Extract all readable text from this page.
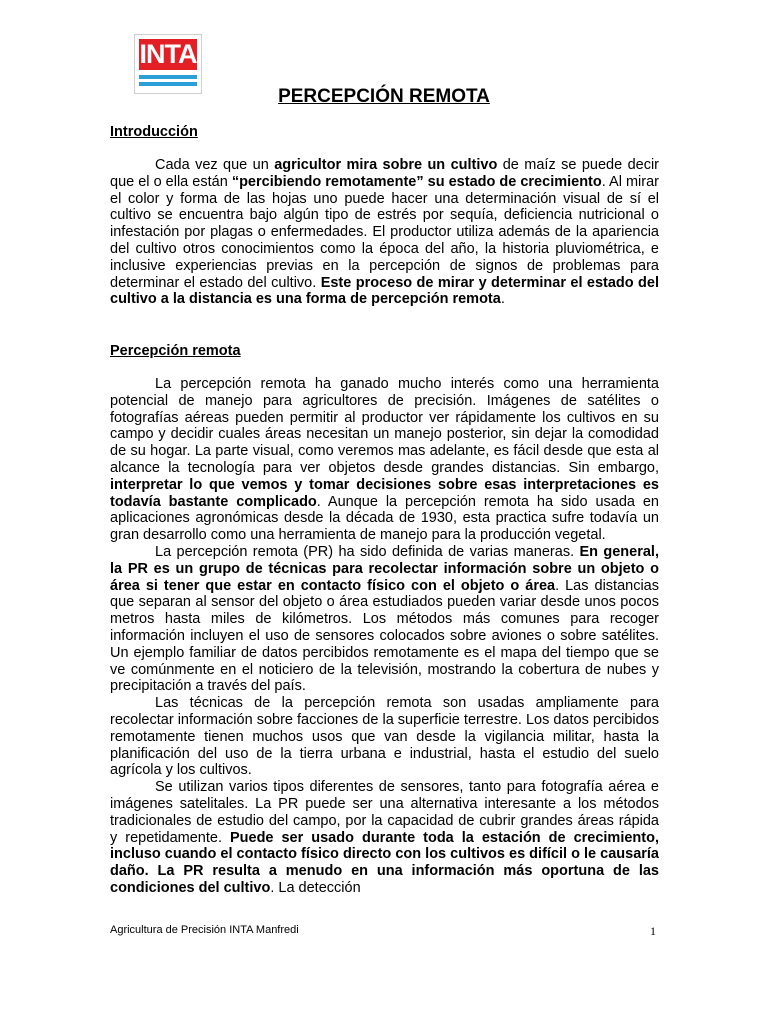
INTA
PERCEPCIÓN REMOTA
Introducción

Cada vez que un agricultor mira sobre un cultivo de maíz se puede decir que el o ella están “percibiendo remotamente” su estado de crecimiento. Al mirar el color y forma de las hojas uno puede hacer una determinación visual de sí el cultivo se encuentra bajo algún tipo de estrés por sequía, deficiencia nutricional o infestación por plagas o enfermedades. El productor utiliza además de la apariencia del cultivo otros conocimientos como la época del año, la historia pluviométrica, e inclusive experiencias previas en la percepción de signos de problemas para determinar el estado del cultivo. Este proceso de mirar y determinar el estado del cultivo a la distancia es una forma de percepción remota.

Percepción remota

La percepción remota ha ganado mucho interés como una herramienta potencial de manejo para agricultores de precisión. Imágenes de satélites o fotografías aéreas pueden permitir al productor ver rápidamente los cultivos en su campo y decidir cuales áreas necesitan un manejo posterior, sin dejar la comodidad de su hogar. La parte visual, como veremos mas adelante, es fácil desde que esta al alcance la tecnología para ver objetos desde grandes distancias. Sin embargo, interpretar lo que vemos y tomar decisiones sobre esas interpretaciones es todavía bastante complicado. Aunque la percepción remota ha sido usada en aplicaciones agronómicas desde la década de 1930, esta practica sufre todavía un gran desarrollo como una herramienta de manejo para la producción vegetal.

La percepción remota (PR) ha sido definida de varias maneras. En general, la PR es un grupo de técnicas para recolectar información sobre un objeto o área si tener que estar en contacto físico con el objeto o área. Las distancias que separan al sensor del objeto o área estudiados pueden variar desde unos pocos metros hasta miles de kilómetros. Los métodos más comunes para recoger información incluyen el uso de sensores colocados sobre aviones o sobre satélites. Un ejemplo familiar de datos percibidos remotamente es el mapa del tiempo que se ve comúnmente en el noticiero de la televisión, mostrando la cobertura de nubes y precipitación a través del país.

Las técnicas de la percepción remota son usadas ampliamente para recolectar información sobre facciones de la superficie terrestre. Los datos percibidos remotamente tienen muchos usos que van desde la vigilancia militar, hasta la planificación del uso de la tierra urbana e industrial, hasta el estudio del suelo agrícola y los cultivos.

Se utilizan varios tipos diferentes de sensores, tanto para fotografía aérea e imágenes satelitales. La PR puede ser una alternativa interesante a los métodos tradicionales de estudio del campo, por la capacidad de cubrir grandes áreas rápida y repetidamente. Puede ser usado durante toda la estación de crecimiento, incluso cuando el contacto físico directo con los cultivos es difícil o le causaría daño. La PR resulta a menudo en una información más oportuna de las condiciones del cultivo. La detección

Agricultura de Precisión INTA Manfredi	1
